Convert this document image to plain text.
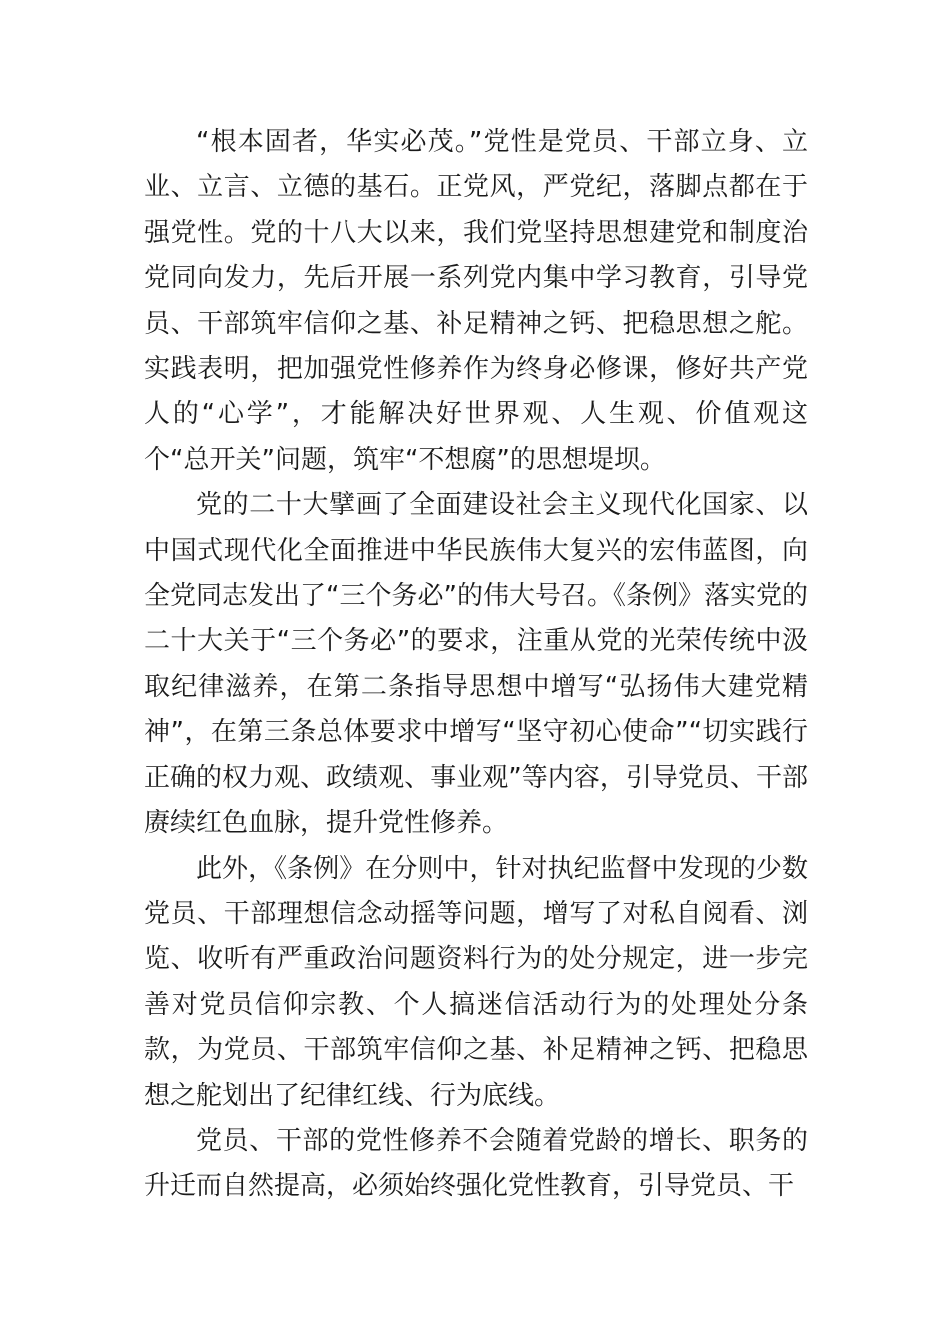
“根本固者，华实必茂。”党性是党员、干部立身、立业、立言、立德的基石。正党风，严党纪，落脚点都在于强党性。党的十八大以来，我们党坚持思想建党和制度治党同向发力，先后开展一系列党内集中学习教育，引导党员、干部筑牢信仰之基、补足精神之钙、把稳思想之舵。实践表明，把加强党性修养作为终身必修课，修好共产党人的“心学”，才能解决好世界观、人生观、价值观这个“总开关”问题，筑牢“不想腐”的思想堤坝。

党的二十大擘画了全面建设社会主义现代化国家、以中国式现代化全面推进中华民族伟大复兴的宏伟蓝图，向全党同志发出了“三个务必”的伟大号召。《条例》落实党的二十大关于“三个务必”的要求，注重从党的光荣传统中汲取纪律滋养，在第二条指导思想中增写“弘扬伟大建党精神”，在第三条总体要求中增写“坚守初心使命”“切实践行正确的权力观、政绩观、事业观”等内容，引导党员、干部赓续红色血脉，提升党性修养。

此外，《条例》在分则中，针对执纪监督中发现的少数党员、干部理想信念动摇等问题，增写了对私自阅看、浏览、收听有严重政治问题资料行为的处分规定，进一步完善对党员信仰宗教、个人搞迷信活动行为的处理处分条款，为党员、干部筑牢信仰之基、补足精神之钙、把稳思想之舵划出了纪律红线、行为底线。

党员、干部的党性修养不会随着党龄的增长、职务的升迁而自然提高，必须始终强化党性教育，引导党员、干
